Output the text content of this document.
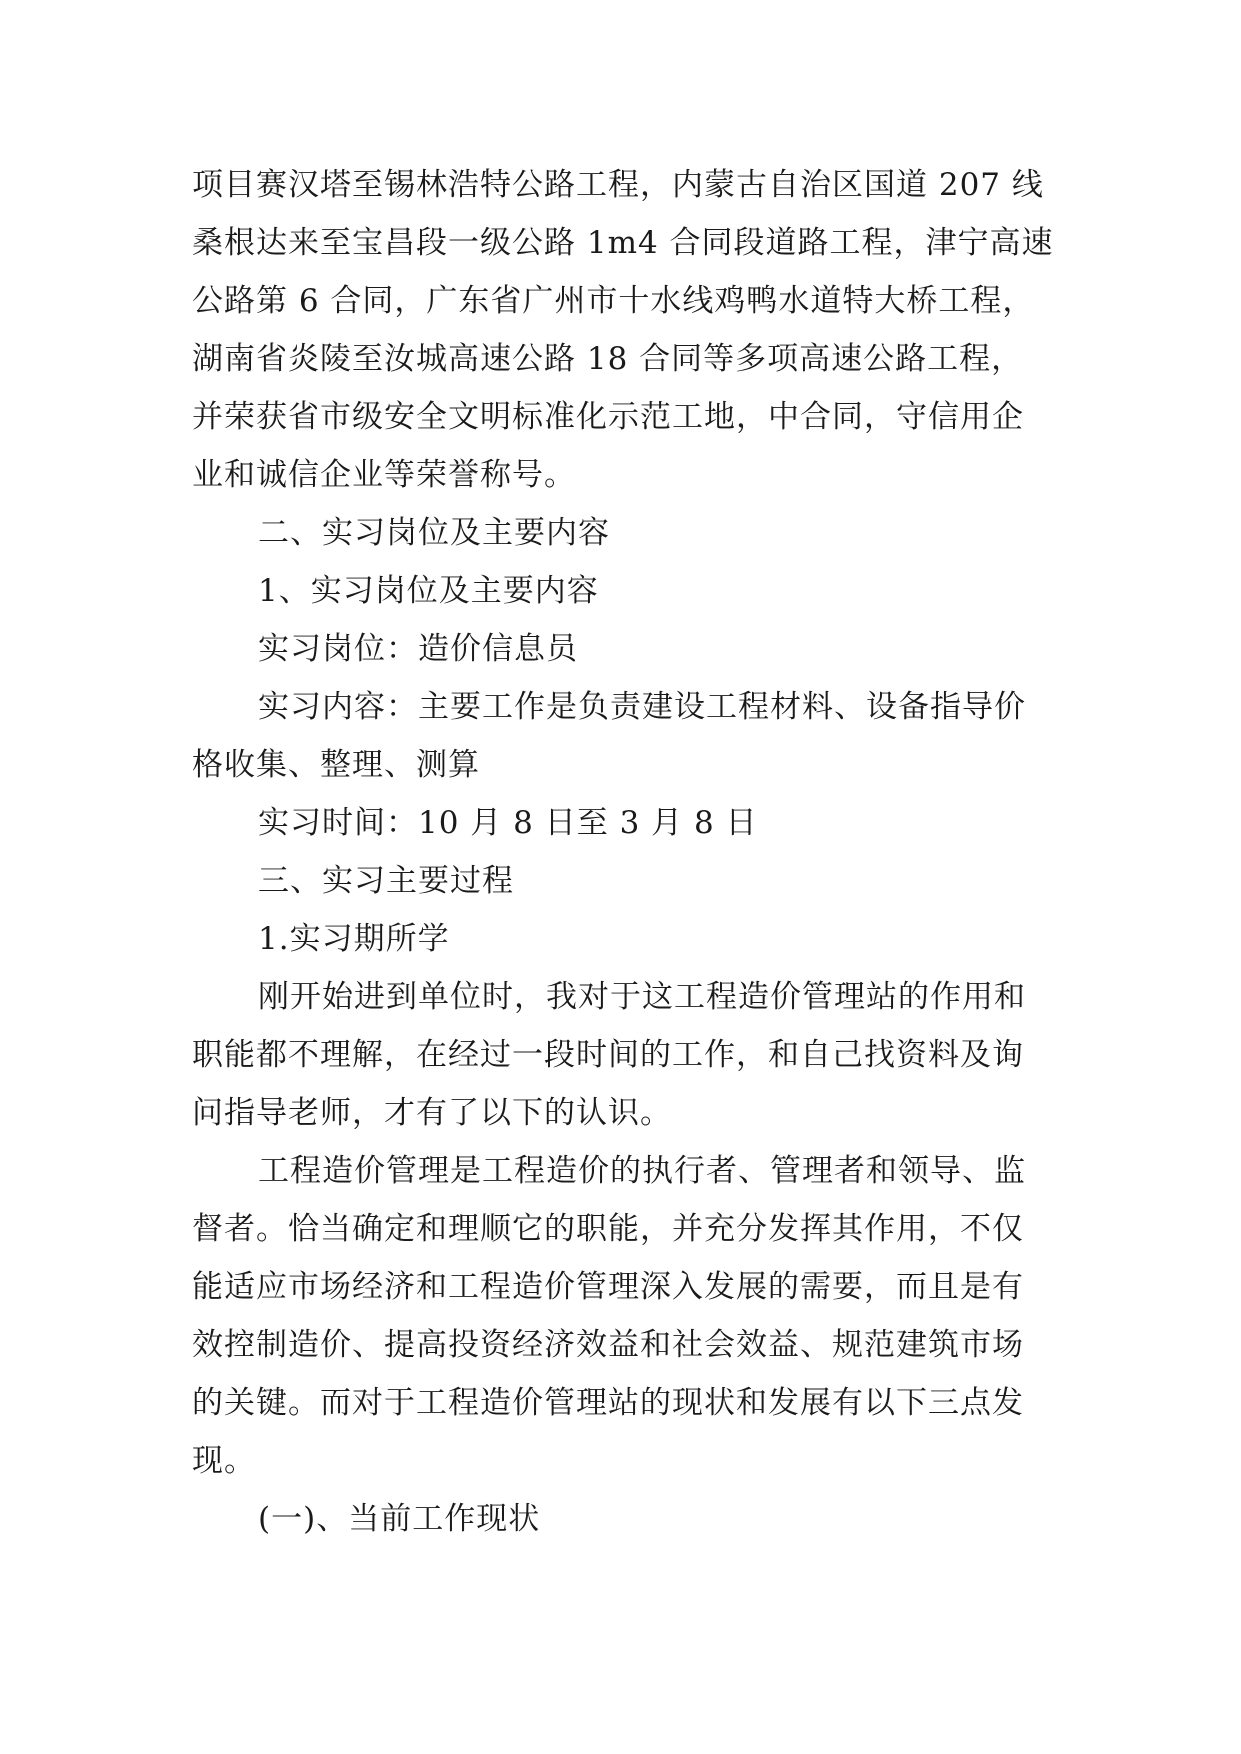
项目赛汉塔至锡林浩特公路工程，内蒙古自治区国道 207 线
桑根达来至宝昌段一级公路 1m4 合同段道路工程，津宁高速
公路第 6 合同，广东省广州市十水线鸡鸭水道特大桥工程，
湖南省炎陵至汝城高速公路 18 合同等多项高速公路工程，
并荣获省市级安全文明标准化示范工地，中合同，守信用企
业和诚信企业等荣誉称号。
二、实习岗位及主要内容
1、实习岗位及主要内容
实习岗位：造价信息员
实习内容：主要工作是负责建设工程材料、设备指导价
格收集、整理、测算
实习时间：10 月 8 日至 3 月 8 日
三、实习主要过程
1.实习期所学
刚开始进到单位时，我对于这工程造价管理站的作用和
职能都不理解，在经过一段时间的工作，和自己找资料及询
问指导老师，才有了以下的认识。
工程造价管理是工程造价的执行者、管理者和领导、监
督者。恰当确定和理顺它的职能，并充分发挥其作用，不仅
能适应市场经济和工程造价管理深入发展的需要，而且是有
效控制造价、提高投资经济效益和社会效益、规范建筑市场
的关键。而对于工程造价管理站的现状和发展有以下三点发
现。
(一)、当前工作现状
